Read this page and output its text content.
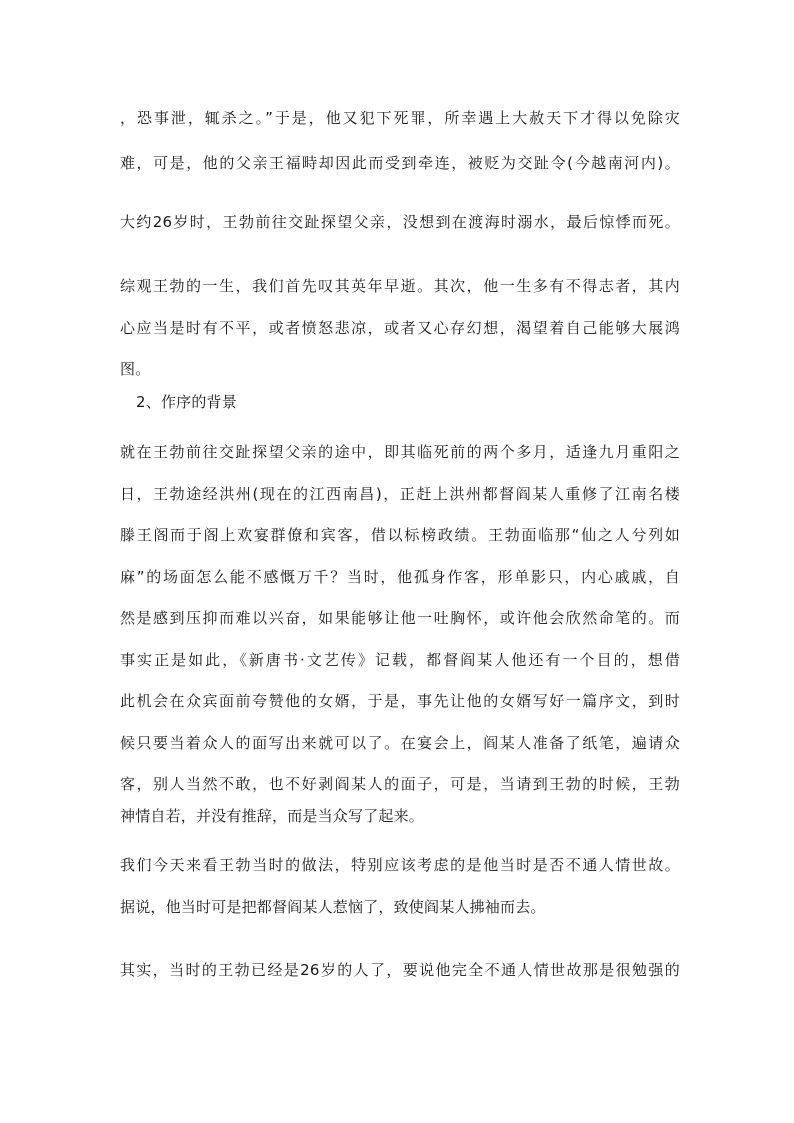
，恐事泄，辄杀之。”于是，他又犯下死罪，所幸遇上大赦天下才得以免除灾
难，可是，他的父亲王福畤却因此而受到牵连，被贬为交趾令(今越南河内)。
大约26岁时，王勃前往交趾探望父亲，没想到在渡海时溺水，最后惊悸而死。
综观王勃的一生，我们首先叹其英年早逝。其次，他一生多有不得志者，其内
心应当是时有不平，或者愤怒悲凉，或者又心存幻想，渴望着自己能够大展鸿
图。
2、作序的背景
就在王勃前往交趾探望父亲的途中，即其临死前的两个多月，适逢九月重阳之
日，王勃途经洪州(现在的江西南昌)，正赶上洪州都督阎某人重修了江南名楼
滕王阁而于阁上欢宴群僚和宾客，借以标榜政绩。王勃面临那“仙之人兮列如
麻”的场面怎么能不感慨万千？当时，他孤身作客，形单影只，内心戚戚，自
然是感到压抑而难以兴奋，如果能够让他一吐胸怀，或许他会欣然命笔的。而
事实正是如此，《新唐书·文艺传》记载，都督阎某人他还有一个目的，想借
此机会在众宾面前夸赞他的女婿，于是，事先让他的女婿写好一篇序文，到时
候只要当着众人的面写出来就可以了。在宴会上，阎某人准备了纸笔，遍请众
客，别人当然不敢，也不好剥阎某人的面子，可是，当请到王勃的时候，王勃
神情自若，并没有推辞，而是当众写了起来。
我们今天来看王勃当时的做法，特别应该考虑的是他当时是否不通人情世故。
据说，他当时可是把都督阎某人惹恼了，致使阎某人拂袖而去。
其实，当时的王勃已经是26岁的人了，要说他完全不通人情世故那是很勉强的
